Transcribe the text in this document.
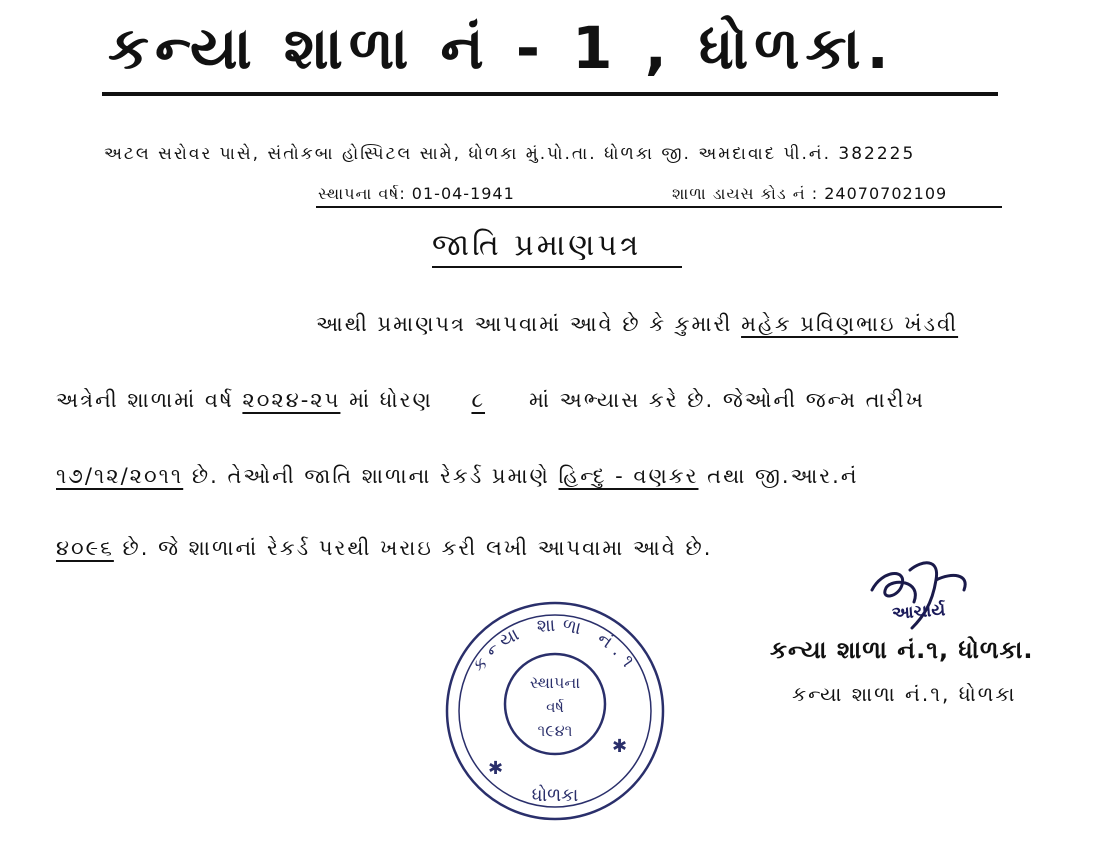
કન્યા શાળા નં - 1 , ધોળકા.
અટલ સરોવર પાસે, સંતોકબા હોસ્પિટલ સામે, ધોળકા મું.પો.તા. ધોળકા જી. અમદાવાદ પી.નં. 382225
સ્થાપના વર્ષ: 01-04-1941	શાળા ડાયસ કોડ નં : 24070702109
જાતિ પ્રમાણપત્ર
આથી પ્રમાણપત્ર આપવામાં આવે છે કે કુમારી મહેક પ્રવિણભાઇ ખંડવી
અત્રેની શાળામાં વર્ષ ૨૦૨૪-૨૫ માં ધોરણ ૮ માં અભ્યાસ કરે છે. જેઓની જન્મ તારીખ
૧૭/૧૨/૨૦૧૧ છે. તેઓની જાતિ શાળાના રેકર્ડ પ્રમાણે હિન્દુ - વણકર તથા જી.આર.નં
૪૦૯૬ છે. જે શાળાનાં રેકર્ડ પરથી ખરાઇ કરી લખી આપવામા આવે છે.
આચાર્ય
કન્યા શાળા નં.૧, ધોળકા.
કન્યા શાળા નં.૧, ધોળકા
કન્યા શાળા નં.૧
સ્થાપના
વર્ષ
૧૯૪૧
ધોળકા
✱
✱
